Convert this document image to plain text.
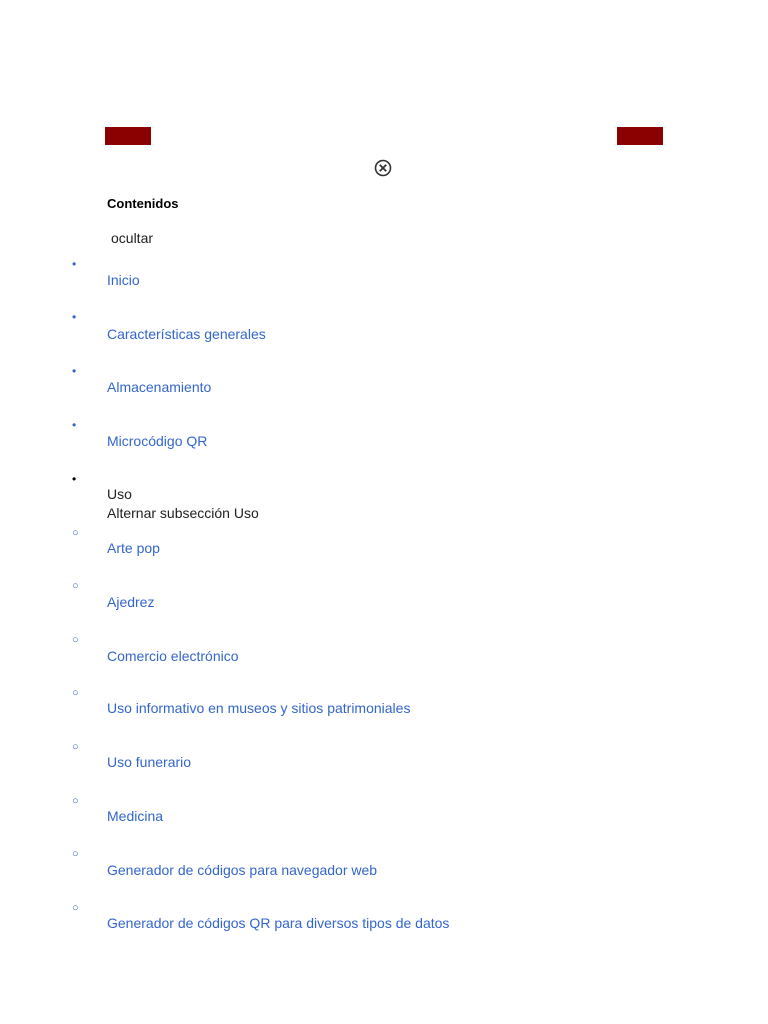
Contenidos
ocultar
•
Inicio
•
Características generales
•
Almacenamiento
•
Microcódigo QR
•
Uso
Alternar subsección Uso
○
Arte pop
○
Ajedrez
○
Comercio electrónico
○
Uso informativo en museos y sitios patrimoniales
○
Uso funerario
○
Medicina
○
Generador de códigos para navegador web
○
Generador de códigos QR para diversos tipos de datos
